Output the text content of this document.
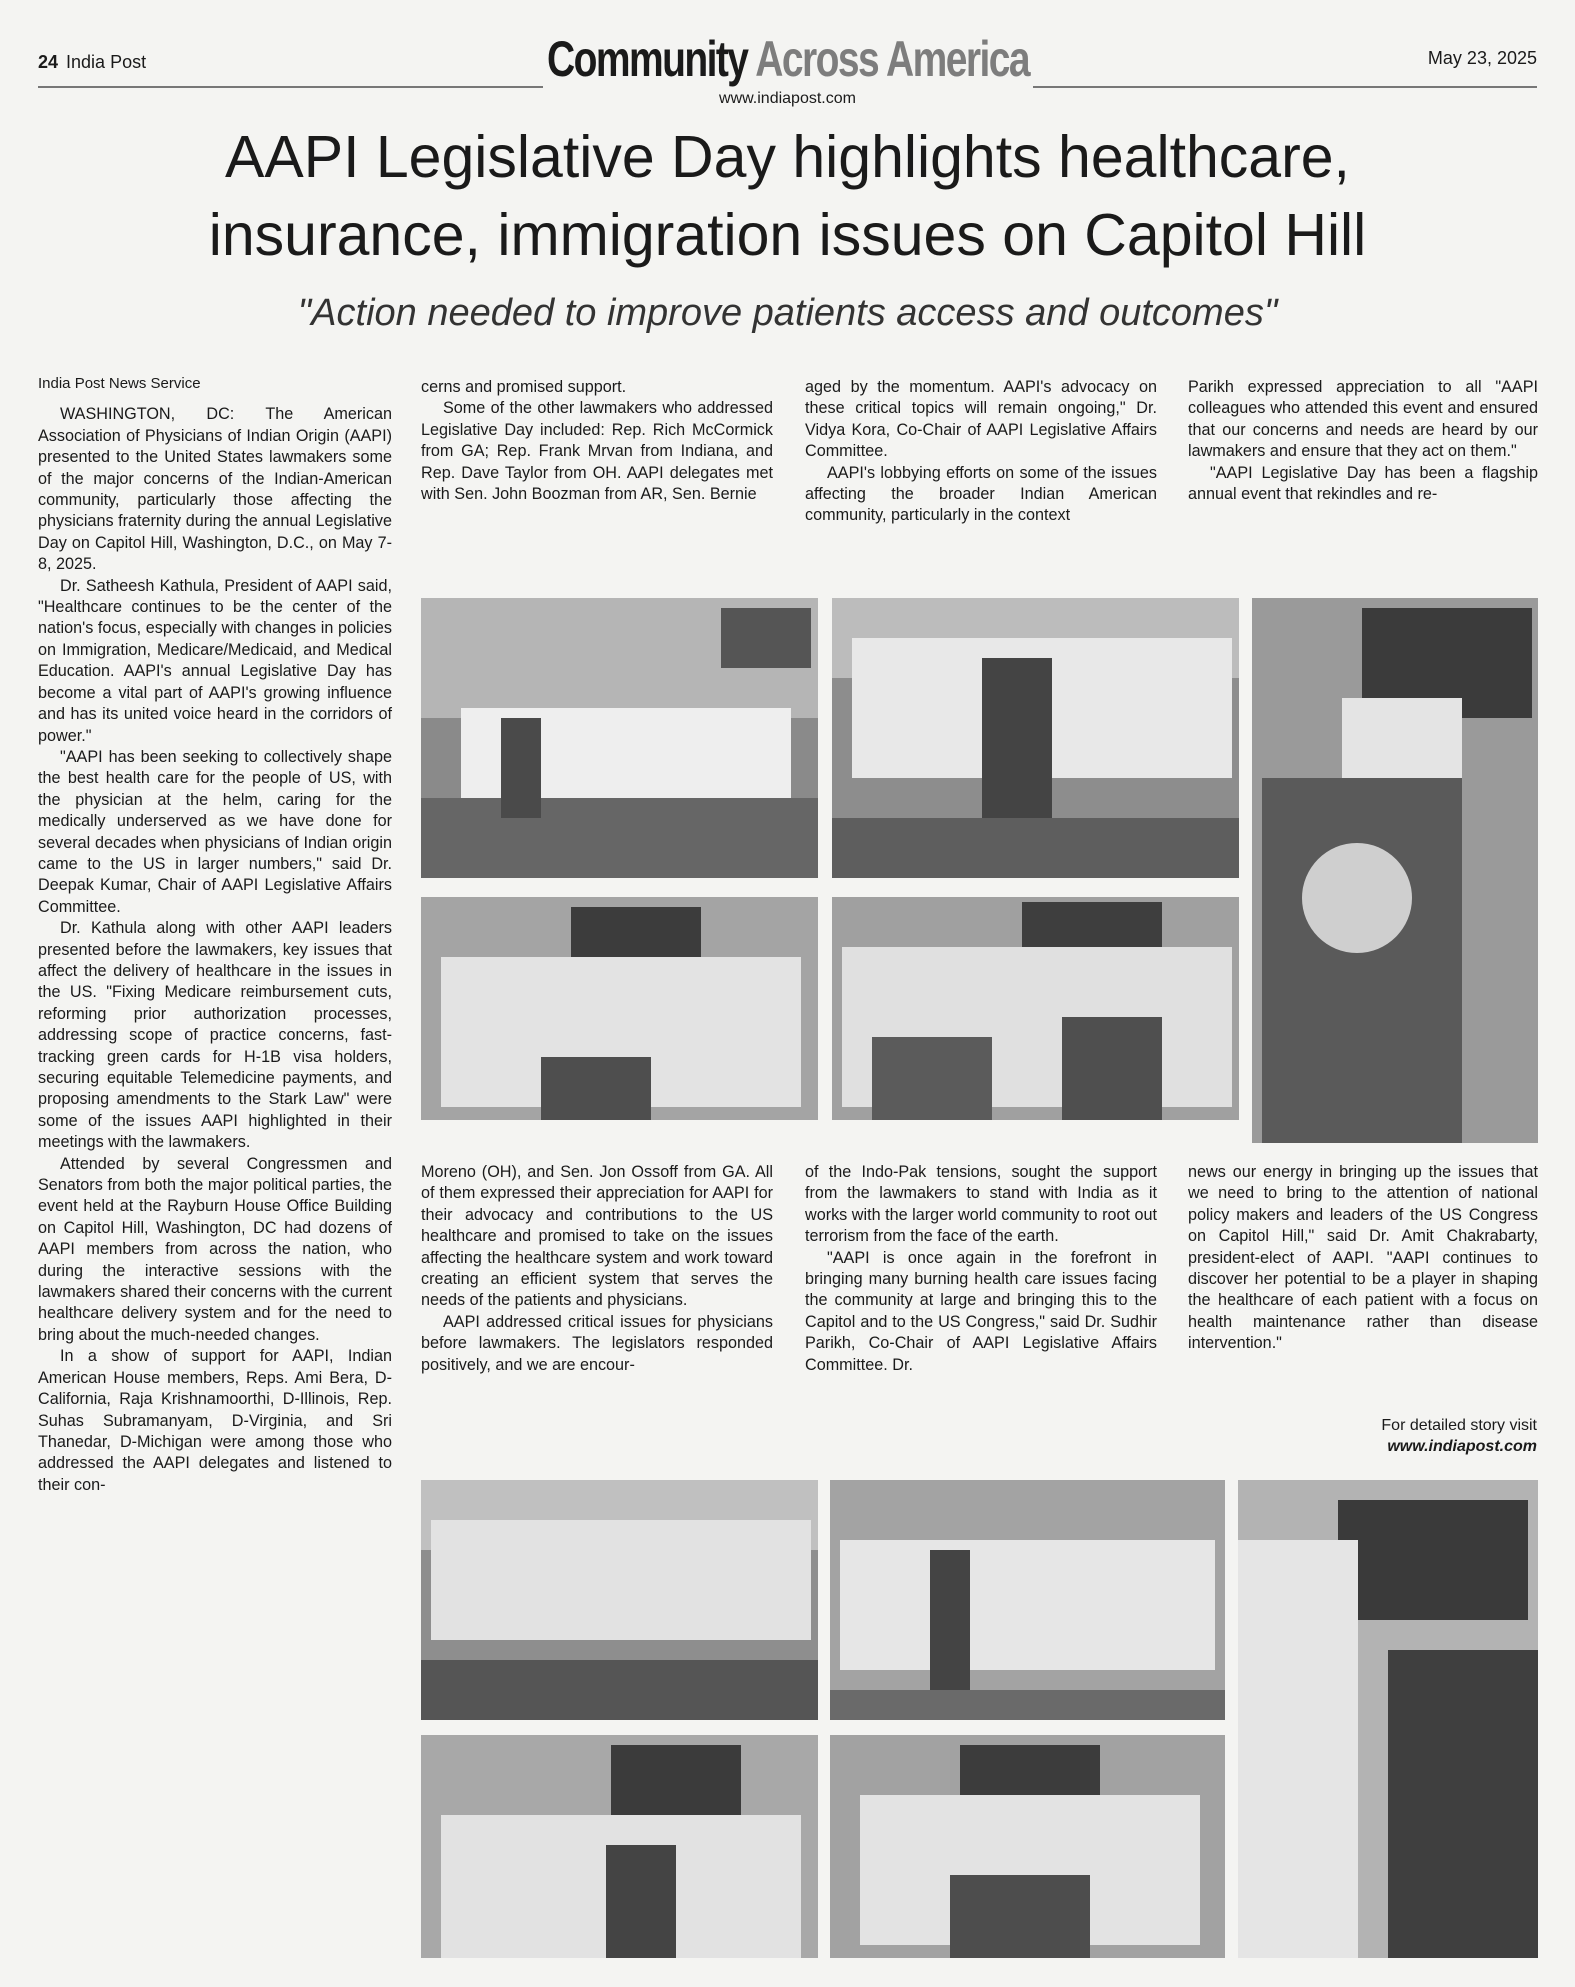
24 India Post	Community Across America	May 23, 2025
www.indiapost.com
AAPI Legislative Day highlights healthcare,
insurance, immigration issues on Capitol Hill
"Action needed to improve patients access and outcomes"

India Post News Service

WASHINGTON, DC: The American Association of Physicians of Indian Origin (AAPI) presented to the United States lawmakers some of the major concerns of the Indian-American community, particularly those affecting the physicians fraternity during the annual Legislative Day on Capitol Hill, Washington, D.C., on May 7-8, 2025.

Dr. Satheesh Kathula, President of AAPI said, "Healthcare continues to be the center of the nation's focus, especially with changes in policies on Immigration, Medicare/Medicaid, and Medical Education. AAPI's annual Legislative Day has become a vital part of AAPI's growing influence and has its united voice heard in the corridors of power."

"AAPI has been seeking to collectively shape the best health care for the people of US, with the physician at the helm, caring for the medically underserved as we have done for several decades when physicians of Indian origin came to the US in larger numbers," said Dr. Deepak Kumar, Chair of AAPI Legislative Affairs Committee.

Dr. Kathula along with other AAPI leaders presented before the lawmakers, key issues that affect the delivery of healthcare in the issues in the US. "Fixing Medicare reimbursement cuts, reforming prior authorization processes, addressing scope of practice concerns, fast-tracking green cards for H-1B visa holders, securing equitable Telemedicine payments, and proposing amendments to the Stark Law" were some of the issues AAPI highlighted in their meetings with the lawmakers.

Attended by several Congressmen and Senators from both the major political parties, the event held at the Rayburn House Office Building on Capitol Hill, Washington, DC had dozens of AAPI members from across the nation, who during the interactive sessions with the lawmakers shared their concerns with the current healthcare delivery system and for the need to bring about the much-needed changes.

In a show of support for AAPI, Indian American House members, Reps. Ami Bera, D-California, Raja Krishnamoorthi, D-Illinois, Rep. Suhas Subramanyam, D-Virginia, and Sri Thanedar, D-Michigan were among those who addressed the AAPI delegates and listened to their con-

cerns and promised support.

Some of the other lawmakers who addressed Legislative Day included: Rep. Rich McCormick from GA; Rep. Frank Mrvan from Indiana, and Rep. Dave Taylor from OH. AAPI delegates met with Sen. John Boozman from AR, Sen. Bernie

aged by the momentum. AAPI's advocacy on these critical topics will remain ongoing," Dr. Vidya Kora, Co-Chair of AAPI Legislative Affairs Committee.

AAPI's lobbying efforts on some of the issues affecting the broader Indian American community, particularly in the context

Parikh expressed appreciation to all "AAPI colleagues who attended this event and ensured that our concerns and needs are heard by our lawmakers and ensure that they act on them."

"AAPI Legislative Day has been a flagship annual event that rekindles and re-

Moreno (OH), and Sen. Jon Ossoff from GA. All of them expressed their appreciation for AAPI for their advocacy and contributions to the US healthcare and promised to take on the issues affecting the healthcare system and work toward creating an efficient system that serves the needs of the patients and physicians.

AAPI addressed critical issues for physicians before lawmakers. The legislators responded positively, and we are encour-

of the Indo-Pak tensions, sought the support from the lawmakers to stand with India as it works with the larger world community to root out terrorism from the face of the earth.

"AAPI is once again in the forefront in bringing many burning health care issues facing the community at large and bringing this to the Capitol and to the US Congress," said Dr. Sudhir Parikh, Co-Chair of AAPI Legislative Affairs Committee. Dr.

news our energy in bringing up the issues that we need to bring to the attention of national policy makers and leaders of the US Congress on Capitol Hill," said Dr. Amit Chakrabarty, president-elect of AAPI. "AAPI continues to discover her potential to be a player in shaping the healthcare of each patient with a focus on health maintenance rather than disease intervention."

For detailed story visit
www.indiapost.com
